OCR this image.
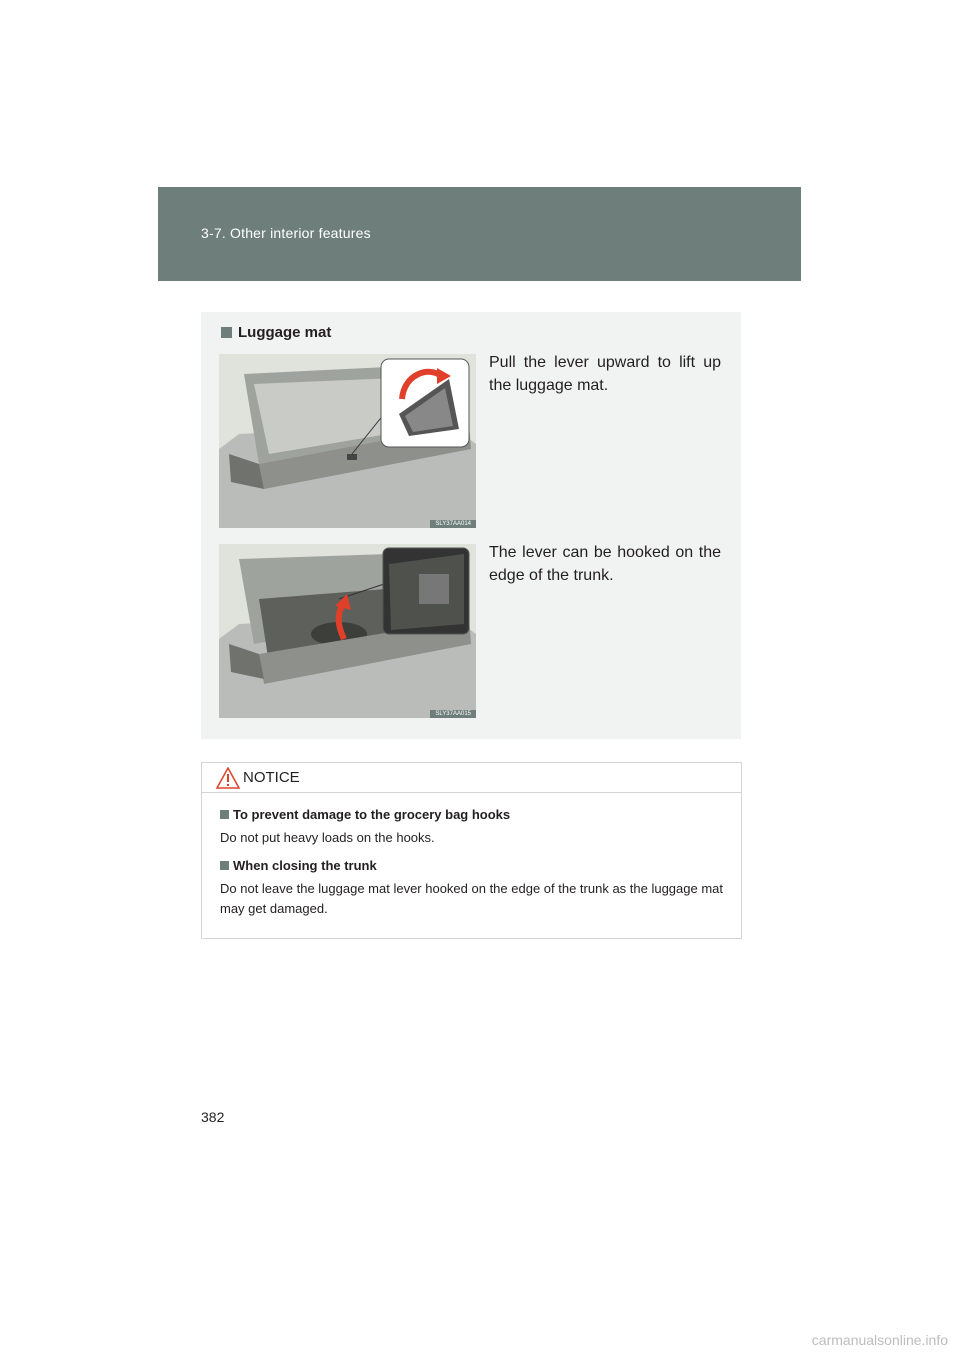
3-7. Other interior features
Luggage mat
SLY37AA014
Pull the lever upward to lift up the luggage mat.
SLY37AA015
The lever can be hooked on the edge of the trunk.
NOTICE
To prevent damage to the grocery bag hooks
Do not put heavy loads on the hooks.
When closing the trunk
Do not leave the luggage mat lever hooked on the edge of the trunk as the luggage mat may get damaged.
382
carmanualsonline.info
